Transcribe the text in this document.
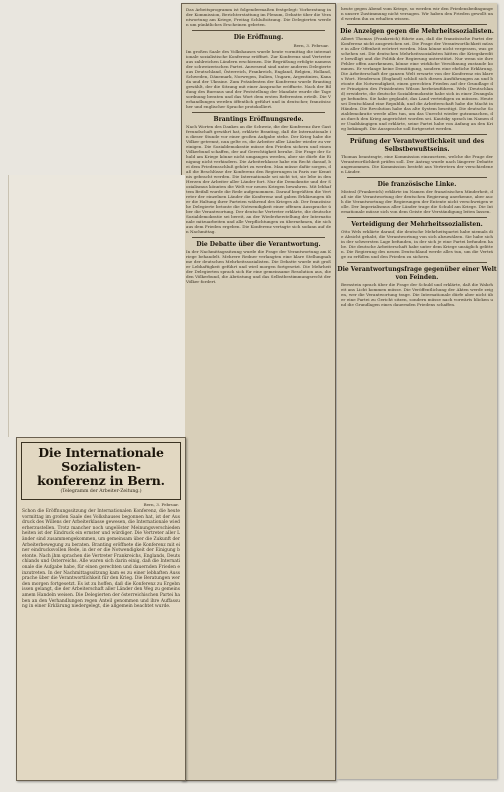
Das Arbeitsprogramm ist folgendermaßen festgelegt: Vorberatung in der Kommission, Berichterstattung im Plenum, Debatte über die Verantwortung am Kriege, Freitag Schlußsitzung. Die Delegierten werden um pünktliches Erscheinen gebeten.

Die Eröffnung.

Bern, 3. Februar.

Im großen Saale des Volkshauses wurde heute vormittag die internationale sozialistische Konferenz eröffnet. Zur Konferenz sind Vertreter aus zahlreichen Ländern erschienen. Die Begrüßung erfolgte namens der schweizerischen Partei. Anwesend sind unter anderen Delegierte aus Deutschland, Österreich, Frankreich, England, Belgien, Holland, Schweden, Dänemark, Norwegen, Italien, Ungarn, Argentinien, Kanada und der Ukraine. Zum Präsidenten der Konferenz wurde Branting gewählt, der die Sitzung mit einer Ansprache eröffnete. Nach der Bildung des Bureaus und der Feststellung der Mandate wurde die Tagesordnung beraten und das Wort dem ersten Referenten erteilt. Die Verhandlungen werden öffentlich geführt und in deutscher, französischer und englischer Sprache protokolliert.

Brantings Eröffnungsrede.

Nach Worten des Dankes an die Schweiz, die der Konferenz ihre Gastfreundschaft gewährt hat, erklärte Branting, daß die Internationale in dieser Stunde vor einer großen Aufgabe stehe. Der Krieg habe die Völker getrennt, nun gelte es, die Arbeiter aller Länder wieder zu vereinigen. Die Sozialdemokratie müsse den Frieden sichern und einen Völkerbund schaffen, der auf Gerechtigkeit beruhe. Die Frage der Schuld am Kriege könne nicht umgangen werden, aber sie dürfe die Einigung nicht verhindern. Die Arbeiterklasse habe ein Recht darauf, bei dem Friedensschluß gehört zu werden. Man müsse dafür sorgen, daß die Beschlüsse der Konferenz den Regierungen in Paris zur Kenntnis gebracht werden. Die Internationale sei nicht tot, sie lebe in den Herzen der Arbeiter aller Länder fort. Nur die Demokratie und der Sozialismus könnten die Welt vor neuen Kriegen bewahren. Mit lebhaftem Beifall wurde die Rede aufgenommen. Darauf begrüßten die Vertreter der einzelnen Länder die Konferenz und gaben Erklärungen über die Haltung ihrer Parteien während des Krieges ab. Der französische Delegierte betonte die Notwendigkeit einer offenen Aussprache über die Verantwortung. Der deutsche Vertreter erklärte, die deutsche Sozialdemokratie sei bereit, an der Wiederherstellung der Internationale mitzuarbeiten und alle Verpflichtungen zu übernehmen, die sich aus dem Frieden ergeben. Die Konferenz vertagte sich sodann auf den Nachmittag.

Die Debatte über die Verantwortung.

In der Nachmittagssitzung wurde die Frage der Verantwortung am Kriege behandelt. Mehrere Redner verlangten eine klare Stellungnahme der deutschen Mehrheitssozialisten. Die Debatte wurde mit großer Lebhaftigkeit geführt und wird morgen fortgesetzt. Die Mehrheit der Delegierten sprach sich für eine gemeinsame Resolution aus, die den Völkerbund, die Abrüstung und das Selbstbestimmungsrecht der Völker fordert.

heute gegen Abend vom Kriege, so werden wir den Friedensbedingungen unsere Zustimmung nicht versagen. Wir haben den Frieden gewollt und werden ihn zu erhalten wissen.

Die Anzeigen gegen die Mehrheitssozialisten.

Albert Thomas (Frankreich) führte aus, daß die französische Partei der Konferenz nicht ausgewichen sei. Die Frage der Verantwortlichkeit müsse in aller Offenheit erörtert werden. Man könne nicht vergessen, was geschehen sei. Die deutschen Mehrheitssozialisten hätten die Kriegskredite bewilligt und die Politik der Regierung unterstützt. Nur wenn sie ihre Fehler offen anerkennen, könne eine wirkliche Versöhnung zustande kommen. Er verlange keine Demütigung, sondern eine ehrliche Erklärung. Die Arbeiterschaft der ganzen Welt erwarte von der Konferenz ein klares Wort. Henderson (England) schloß sich diesen Ausführungen an und betonte die Notwendigkeit, einen gerechten Frieden auf der Grundlage der Prinzipien des Präsidenten Wilson herbeizuführen. Wels (Deutschland) erwiderte, die deutsche Sozialdemokratie habe sich in einer Zwangslage befunden. Sie habe geglaubt, das Land verteidigen zu müssen. Heute sei Deutschland eine Republik, und die Arbeiterschaft habe die Macht in Händen. Die Revolution habe das alte System beseitigt. Die deutsche Sozialdemokratie werde alles tun, um das Unrecht wieder gutzumachen, das durch den Krieg angerichtet worden sei. Kautsky sprach im Namen der Unabhängigen und erklärte, seine Partei habe von Anfang an den Krieg bekämpft. Die Aussprache soll fortgesetzt werden.

Prüfung der Verantwortlichkeit und des Selbstbewußtseins.

Thomas beantragte, eine Kommission einzusetzen, welche die Frage der Verantwortlichkeit prüfen soll. Der Antrag wurde nach längerer Debatte angenommen. Die Kommission besteht aus Vertretern der verschiedenen Länder.

Die französische Linke.

Mistral (Frankreich) erklärte im Namen der französischen Minderheit, daß sie die Verantwortung der deutschen Regierung anerkenne, aber auch die Verantwortung der Regierungen der Entente nicht verschweigen wolle. Der Imperialismus aller Länder trage die Schuld am Kriege. Die Internationale müsse sich von dem Geiste der Verständigung leiten lassen.

Verteidigung der Mehrheitssozialisten.

Otto Wels erklärte darauf, die deutsche Mehrheitspartei habe niemals die Absicht gehabt, die Verantwortung von sich abzuwälzen. Sie habe sich in der schwersten Lage befunden, in der sich je eine Partei befunden habe. Die deutsche Arbeiterschaft habe unter dem Kriege unsäglich gelitten. Die Regierung des neuen Deutschland werde alles tun, um die Verträge zu erfüllen und den Frieden zu sichern.

Die Verantwortungsfrage gegenüber einer Welt von Feinden.

Bernstein sprach über die Frage der Schuld und erklärte, daß die Wahrheit ans Licht kommen müsse. Die Veröffentlichung der Akten werde zeigen, wer die Verantwortung trage. Die Internationale dürfe aber nicht über eine Partei zu Gericht sitzen, sondern müsse nach vorwärts blicken und die Grundlagen eines dauernden Friedens schaffen.

Die Internationale Sozialisten-

konferenz in Bern.

(Telegramm der Arbeiter-Zeitung.)

Bern, 3. Februar.

Schon die Eröffnungssitzung der Internationalen Konferenz, die heute vormittag im großen Saale des Volkshauses begonnen hat, ist der Ausdruck des Willens der Arbeiterklasse gewesen, die Internationale wiederherzustellen. Trotz mancher noch ungelöster Meinungsverschiedenheiten ist der Eindruck ein ernster und würdiger. Die Vertreter aller Länder sind zusammengekommen, um gemeinsam über die Zukunft der Arbeiterbewegung zu beraten. Branting eröffnete die Konferenz mit einer eindrucksvollen Rede, in der er die Notwendigkeit der Einigung betonte. Nach ihm sprachen die Vertreter Frankreichs, Englands, Deutschlands und Österreichs. Alle waren sich darin einig, daß die Internationale die Aufgabe habe, für einen gerechten und dauernden Frieden einzutreten. In der Nachmittagssitzung kam es zu einer lebhaften Aussprache über die Verantwortlichkeit für den Krieg. Die Beratungen werden morgen fortgesetzt. Es ist zu hoffen, daß die Konferenz zu Ergebnissen gelangt, die der Arbeiterschaft aller Länder den Weg zu gemeinsamem Handeln weisen. Die Delegierten der österreichischen Partei haben an den Verhandlungen regen Anteil genommen und ihre Auffassung in einer Erklärung niedergelegt, die allgemein beachtet wurde.
